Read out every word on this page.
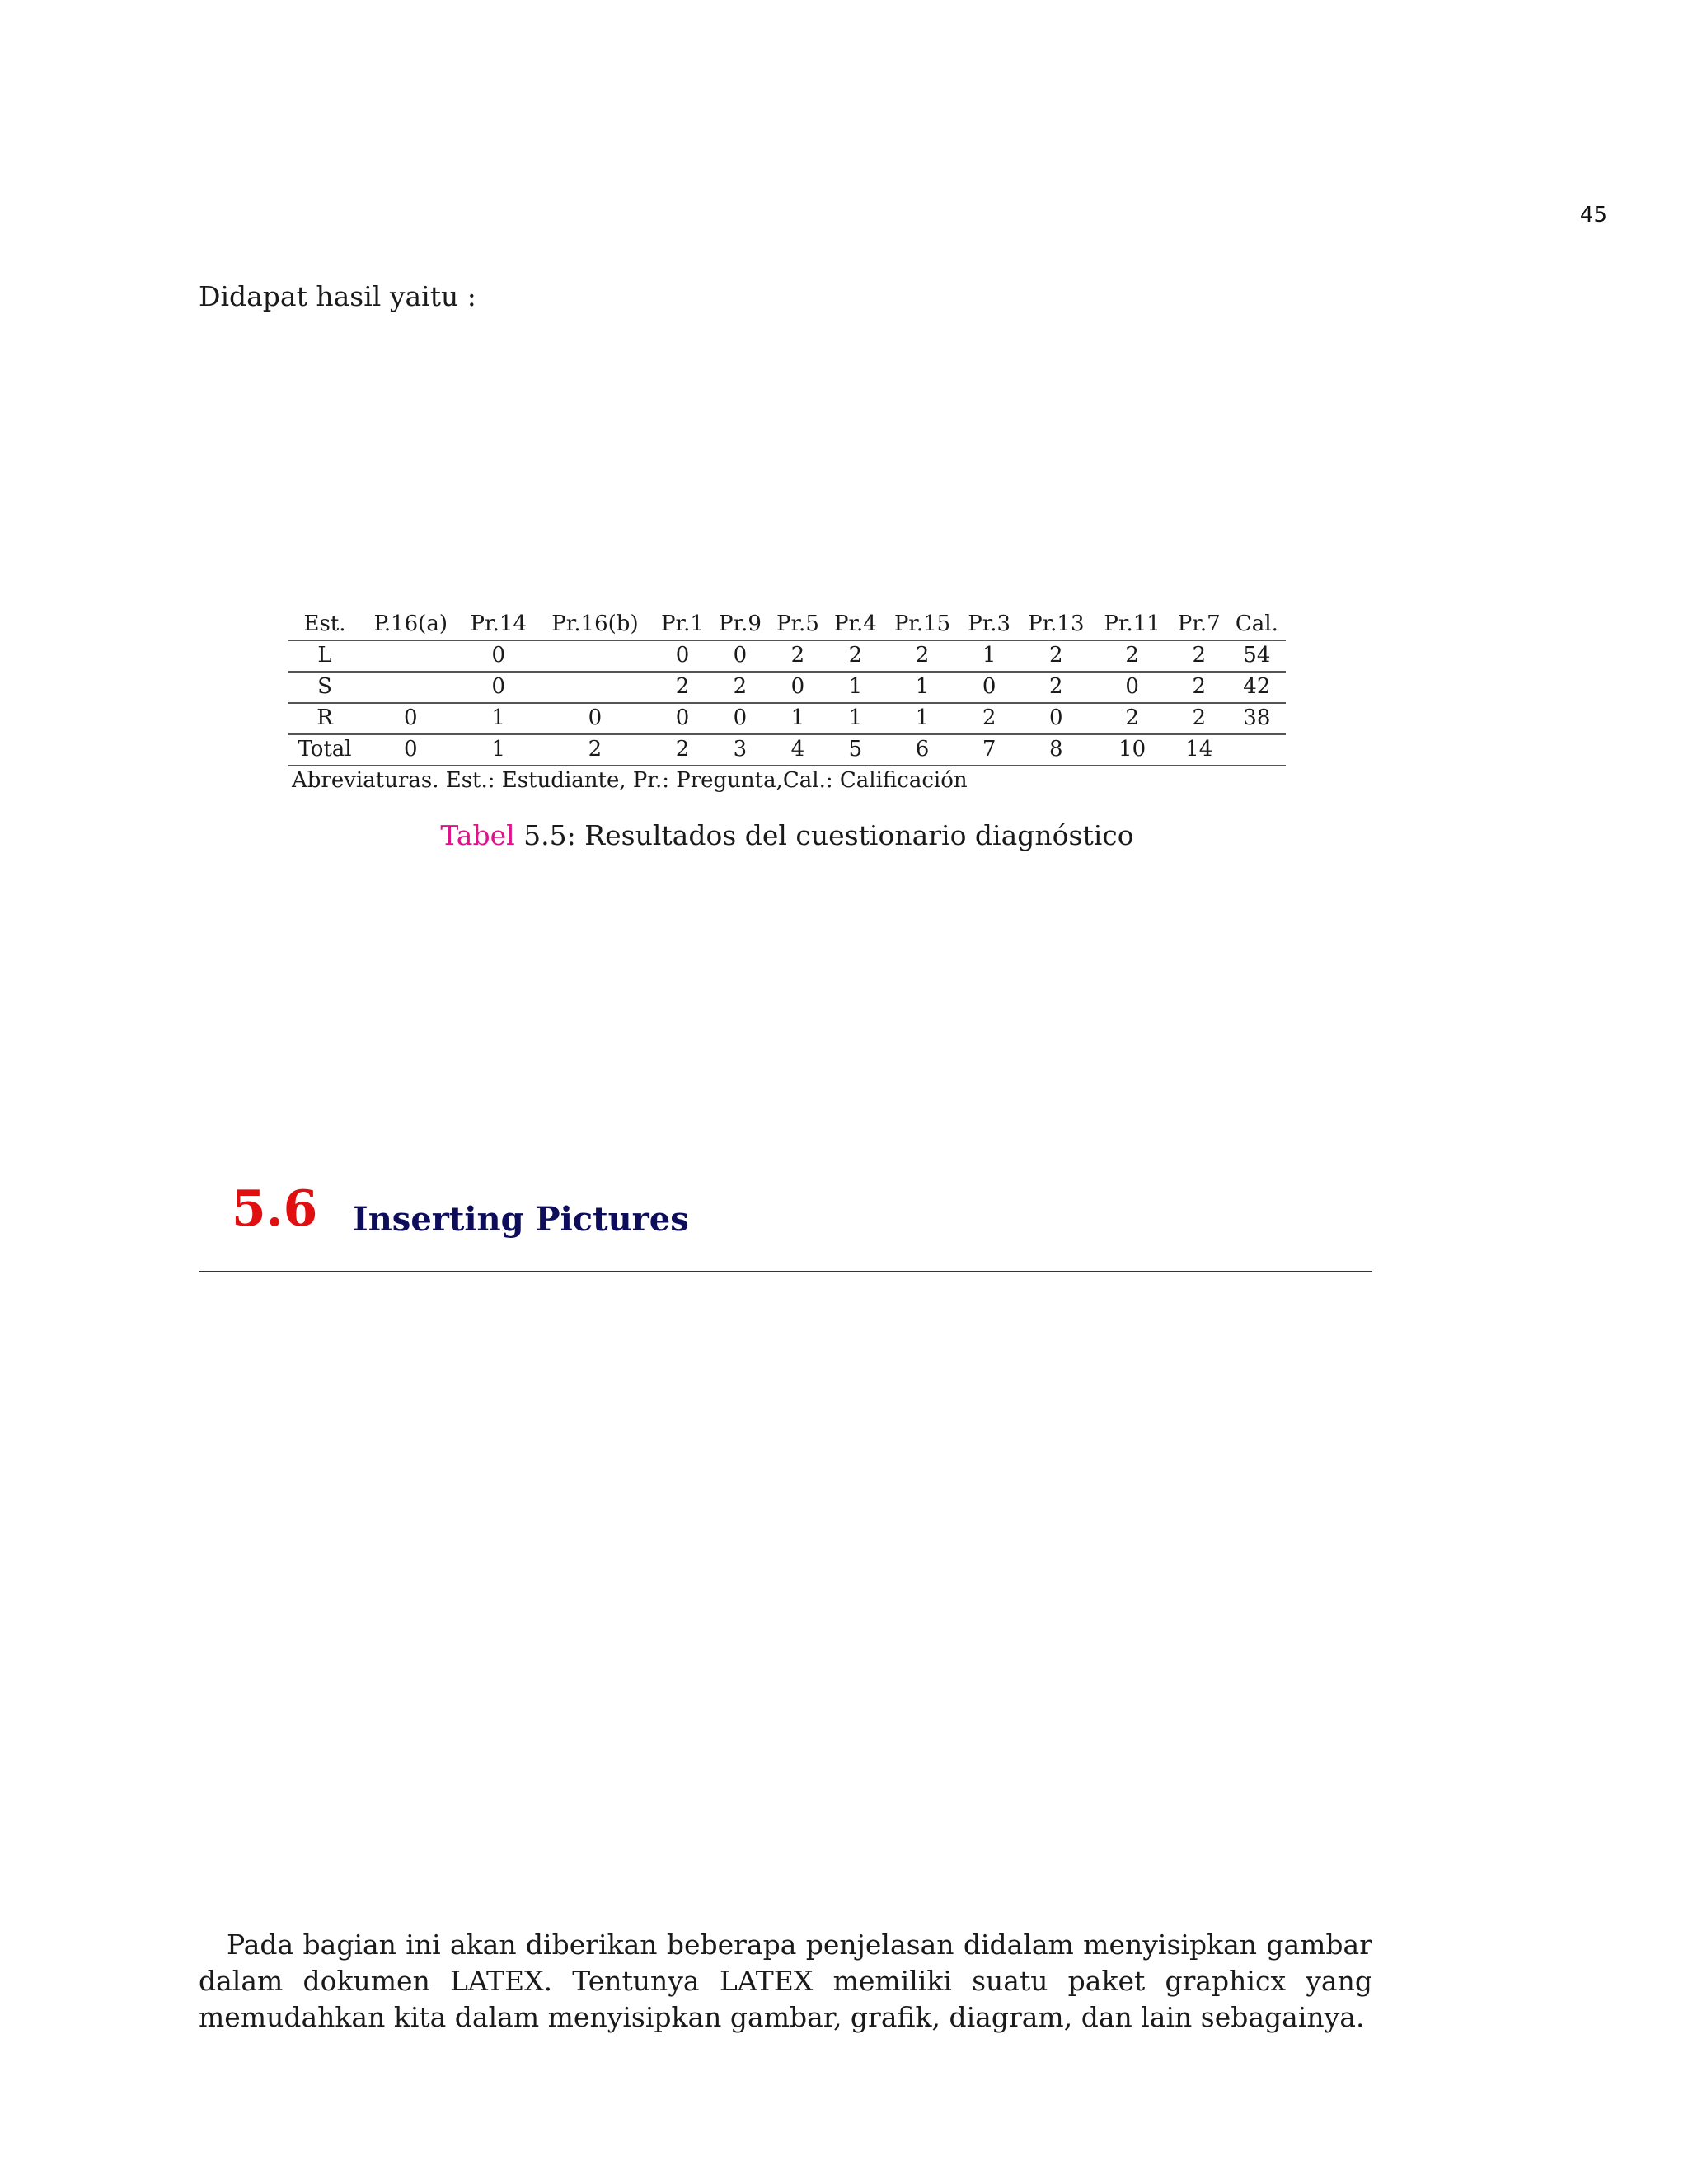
45
Didapat hasil yaitu :
Est.	P.16(a)	Pr.14	Pr.16(b)	Pr.1	Pr.9	Pr.5	Pr.4	Pr.15	Pr.3	Pr.13	Pr.11	Pr.7	Cal.
L		0		0	0	2	2	2	1	2	2	2	54
S		0		2	2	0	1	1	0	2	0	2	42
R	0	1	0	0	0	1	1	1	2	0	2	2	38
Total	0	1	2	2	3	4	5	6	7	8	10	14	
Abreviaturas. Est.: Estudiante, Pr.: Pregunta,Cal.: Calificación
Tabel 5.5: Resultados del cuestionario diagnóstico
5.6 Inserting Pictures

Pada bagian ini akan diberikan beberapa penjelasan didalam menyisipkan gambar dalam dokumen LATEX. Tentunya LATEX memiliki suatu paket graphicx yang memudahkan kita dalam menyisipkan gambar, grafik, diagram, dan lain sebagainya.
